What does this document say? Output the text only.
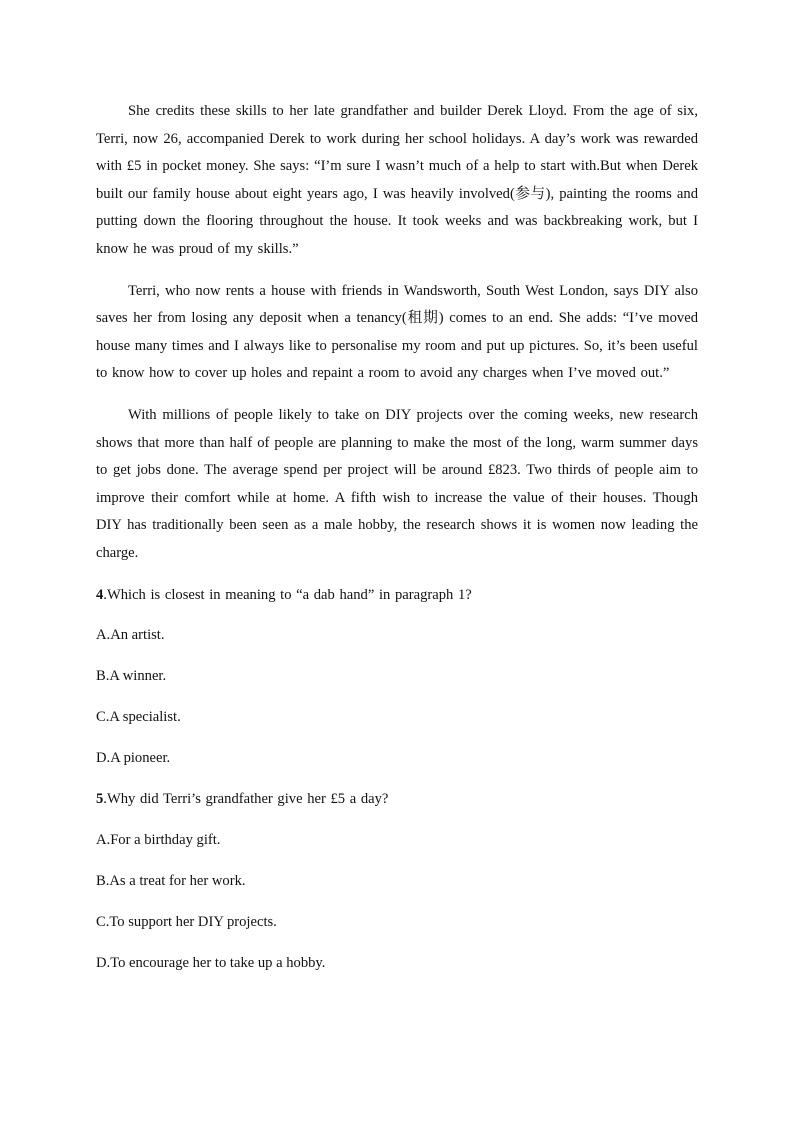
She credits these skills to her late grandfather and builder Derek Lloyd. From the age of six, Terri, now 26, accompanied Derek to work during her school holidays. A day’s work was rewarded with £5 in pocket money. She says: “I’m sure I wasn’t much of a help to start with.But when Derek built our family house about eight years ago, I was heavily involved(参与), painting the rooms and putting down the flooring throughout the house. It took weeks and was backbreaking work, but I know he was proud of my skills.”

Terri, who now rents a house with friends in Wandsworth, South West London, says DIY also saves her from losing any deposit when a tenancy(租期) comes to an end. She adds: “I’ve moved house many times and I always like to personalise my room and put up pictures. So, it’s been useful to know how to cover up holes and repaint a room to avoid any charges when I’ve moved out.”

With millions of people likely to take on DIY projects over the coming weeks, new research shows that more than half of people are planning to make the most of the long, warm summer days to get jobs done. The average spend per project will be around £823. Two thirds of people aim to improve their comfort while at home. A fifth wish to increase the value of their houses. Though DIY has traditionally been seen as a male hobby, the research shows it is women now leading the charge.

4.Which is closest in meaning to “a dab hand” in paragraph 1?

A.An artist.

B.A winner.

C.A specialist.

D.A pioneer.

5.Why did Terri’s grandfather give her £5 a day?

A.For a birthday gift.

B.As a treat for her work.

C.To support her DIY projects.

D.To encourage her to take up a hobby.
